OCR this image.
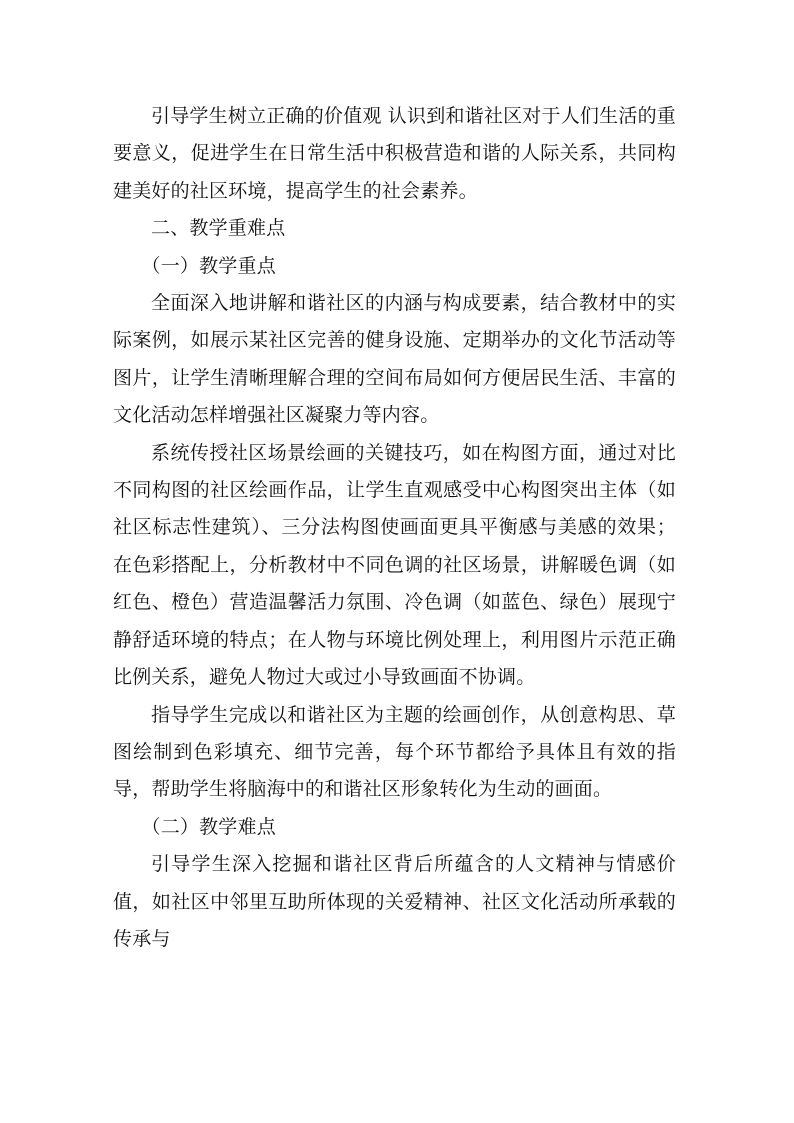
引导学生树立正确的价值观 认识到和谐社区对于人们生活的重要意义，促进学生在日常生活中积极营造和谐的人际关系，共同构建美好的社区环境，提高学生的社会素养。

二、教学重难点

（一）教学重点

全面深入地讲解和谐社区的内涵与构成要素，结合教材中的实际案例，如展示某社区完善的健身设施、定期举办的文化节活动等图片，让学生清晰理解合理的空间布局如何方便居民生活、丰富的文化活动怎样增强社区凝聚力等内容。

系统传授社区场景绘画的关键技巧，如在构图方面，通过对比不同构图的社区绘画作品，让学生直观感受中心构图突出主体（如社区标志性建筑）、三分法构图使画面更具平衡感与美感的效果；在色彩搭配上，分析教材中不同色调的社区场景，讲解暖色调（如红色、橙色）营造温馨活力氛围、冷色调（如蓝色、绿色）展现宁静舒适环境的特点；在人物与环境比例处理上，利用图片示范正确比例关系，避免人物过大或过小导致画面不协调。

指导学生完成以和谐社区为主题的绘画创作，从创意构思、草图绘制到色彩填充、细节完善，每个环节都给予具体且有效的指导，帮助学生将脑海中的和谐社区形象转化为生动的画面。

（二）教学难点

引导学生深入挖掘和谐社区背后所蕴含的人文精神与情感价值，如社区中邻里互助所体现的关爱精神、社区文化活动所承载的传承与
